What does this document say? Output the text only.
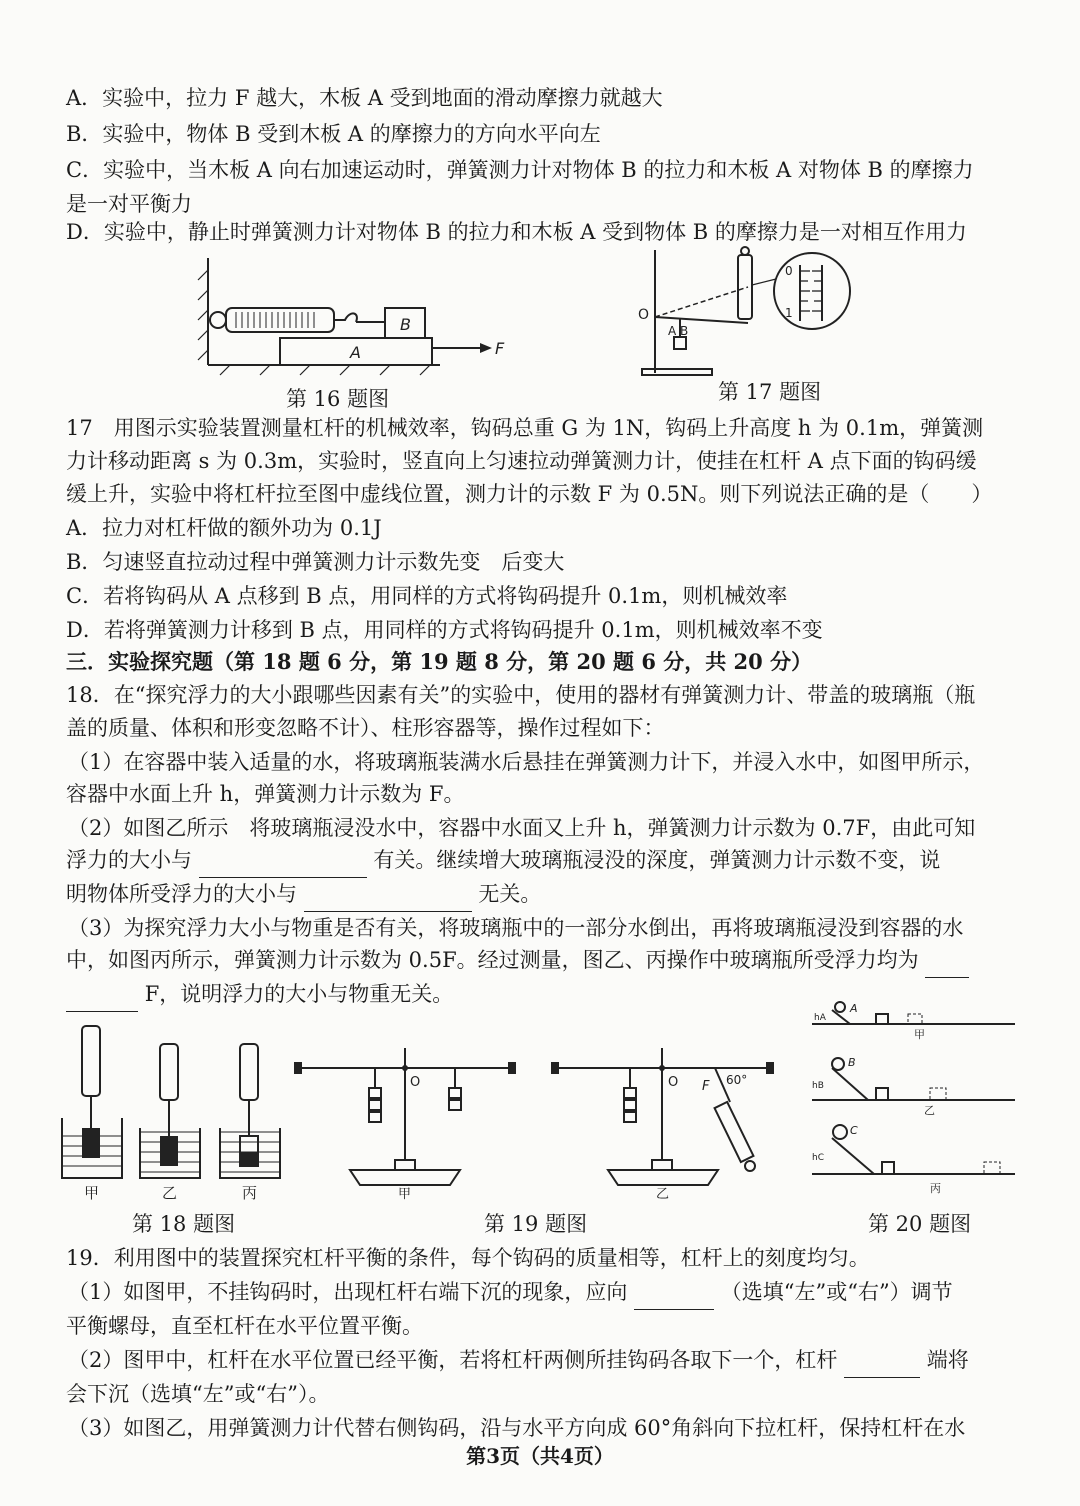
A．实验中，拉力 F 越大，木板 A 受到地面的滑动摩擦力就越大
B．实验中，物体 B 受到木板 A 的摩擦力的方向水平向左
C．实验中，当木板 A 向右加速运动时，弹簧测力计对物体 B 的拉力和木板 A 对物体 B 的摩擦力
是一对平衡力
D．实验中，静止时弹簧测力计对物体 B 的拉力和木板 A 受到物体 B 的摩擦力是一对相互作用力
B
A	F
第 16 题图
O
A B
0
1
第 17 题图
17　用图示实验装置测量杠杆的机械效率，钩码总重 G 为 1N，钩码上升高度 h 为 0.1m，弹簧测
力计移动距离 s 为 0.3m，实验时，竖直向上匀速拉动弹簧测力计，使挂在杠杆 A 点下面的钩码缓
缓上升，实验中将杠杆拉至图中虚线位置，测力计的示数 F 为 0.5N。则下列说法正确的是（　　）
A．拉力对杠杆做的额外功为 0.1J
B．匀速竖直拉动过程中弹簧测力计示数先变　后变大
C．若将钩码从 A 点移到 B 点，用同样的方式将钩码提升 0.1m，则机械效率
D．若将弹簧测力计移到 B 点，用同样的方式将钩码提升 0.1m，则机械效率不变
三．实验探究题（第 18 题 6 分，第 19 题 8 分，第 20 题 6 分，共 20 分）
18．在“探究浮力的大小跟哪些因素有关”的实验中，使用的器材有弹簧测力计、带盖的玻璃瓶（瓶
盖的质量、体积和形变忽略不计）、柱形容器等，操作过程如下：
（1）在容器中装入适量的水，将玻璃瓶装满水后悬挂在弹簧测力计下，并浸入水中，如图甲所示，
容器中水面上升 h，弹簧测力计示数为 F。
（2）如图乙所示　将玻璃瓶浸没水中，容器中水面又上升 h，弹簧测力计示数为 0.7F，由此可知
浮力的大小与	有关。继续增大玻璃瓶浸没的深度，弹簧测力计示数不变，说
明物体所受浮力的大小与	无关。
（3）为探究浮力大小与物重是否有关，将玻璃瓶中的一部分水倒出，再将玻璃瓶浸没到容器的水
中，如图丙所示，弹簧测力计示数为 0.5F。经过测量，图乙、丙操作中玻璃瓶所受浮力均为
F，说明浮力的大小与物重无关。
甲	乙	丙
第 18 题图
O
甲
O F 60°
乙
第 19 题图
A
hA
甲
B
hB
乙
C
hC
丙
第 20 题图
19．利用图中的装置探究杠杆平衡的条件，每个钩码的质量相等，杠杆上的刻度均匀。
（1）如图甲，不挂钩码时，出现杠杆右端下沉的现象，应向	（选填“左”或“右”）调节
平衡螺母，直至杠杆在水平位置平衡。
（2）图甲中，杠杆在水平位置已经平衡，若将杠杆两侧所挂钩码各取下一个，杠杆	端将
会下沉（选填“左”或“右”）。
（3）如图乙，用弹簧测力计代替右侧钩码，沿与水平方向成 60°角斜向下拉杠杆，保持杠杆在水
第3页（共4页）
